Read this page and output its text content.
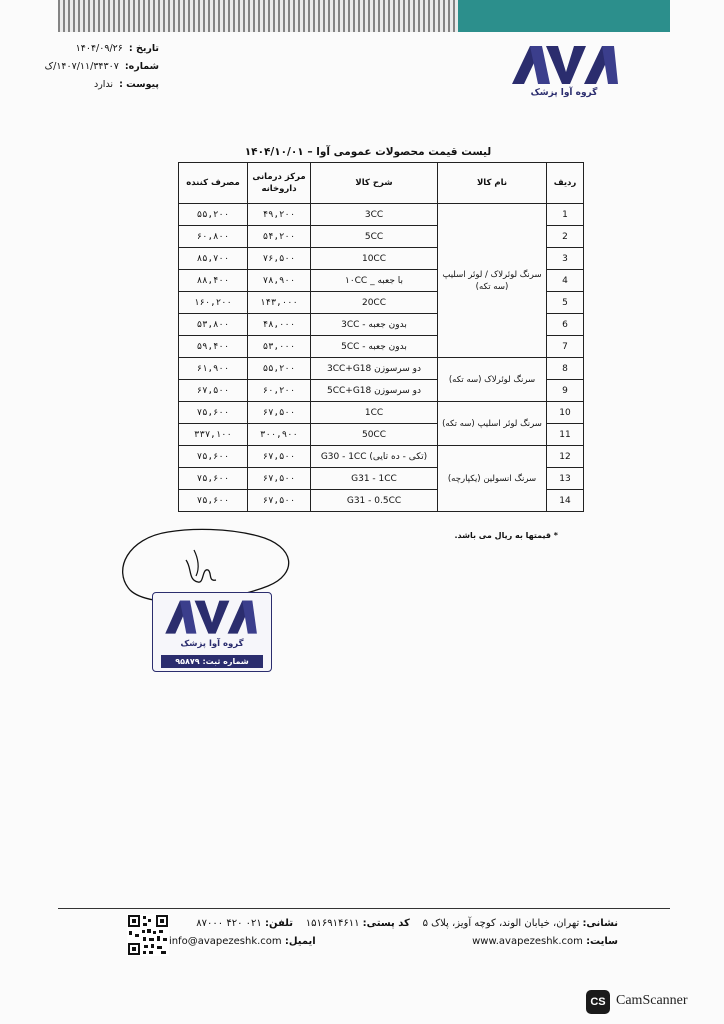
تاریخ :
۱۴۰۴/۰۹/۲۶
شماره:
۱۴۰۷/۱۱/۳۴۳۰۷/ک
پیوست :
ندارد
گروه آوا پزشک
لیست قیمت محصولات عمومی آوا – ۱۴۰۴/۱۰/۰۱
ردیف	نام کالا	شرح کالا	مرکز درمانی داروخانه	مصرف کننده
1	سرنگ لوئرلاک / لوئر اسلیپ (سه تکه)	3CC	۴۹,۲۰۰	۵۵,۲۰۰
2		5CC	۵۴,۲۰۰	۶۰,۸۰۰
3		10CC	۷۶,۵۰۰	۸۵,۷۰۰
4		با جعبه _ ۱۰CC	۷۸,۹۰۰	۸۸,۴۰۰
5		20CC	۱۴۳,۰۰۰	۱۶۰,۲۰۰
6		بدون جعبه - 3CC	۴۸,۰۰۰	۵۳,۸۰۰
7		بدون جعبه - 5CC	۵۳,۰۰۰	۵۹,۴۰۰
8	سرنگ لوئرلاک (سه تکه)	دو سرسوزن 3CC+G18	۵۵,۲۰۰	۶۱,۹۰۰
9		دو سرسوزن 5CC+G18	۶۰,۲۰۰	۶۷,۵۰۰
10	سرنگ لوئر اسلیپ (سه تکه)	1CC	۶۷,۵۰۰	۷۵,۶۰۰
11		50CC	۳۰۰,۹۰۰	۳۳۷,۱۰۰
12	سرنگ انسولین (یکپارچه)	(تکی - ده تایی) G30 - 1CC	۶۷,۵۰۰	۷۵,۶۰۰
13		G31 - 1CC	۶۷,۵۰۰	۷۵,۶۰۰
14		G31 - 0.5CC	۶۷,۵۰۰	۷۵,۶۰۰
* قیمتها به ریال می باشد.
گروه آوا پزشک
شماره ثبت: ۹۵۸۷۹
نشانی: تهران، خیابان الوند، کوچه آویز، پلاک ۵    کد پستی: ۱۵۱۶۹۱۴۶۱۱    تلفن: ۰۲۱ ۴۲۰ ۸۷۰۰۰
سایت: www.avapezeshk.com  ایمیل: info@avapezeshk.com
CS CamScanner
